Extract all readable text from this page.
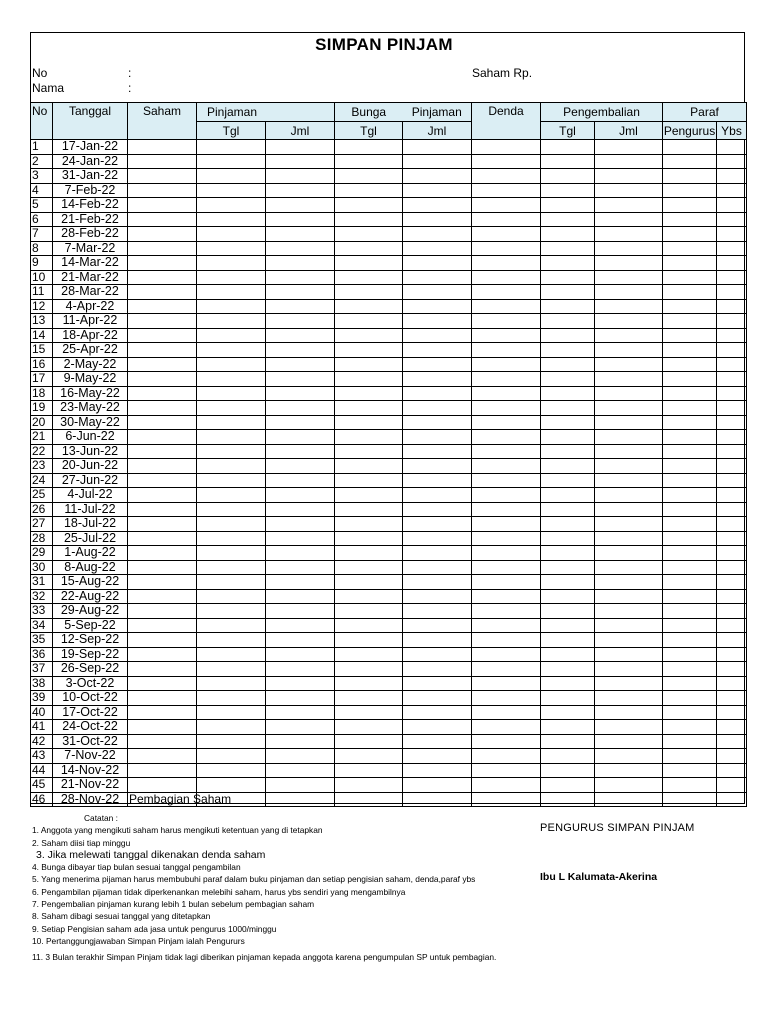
SIMPAN PINJAM
No	:
Nama	:
Saham Rp.
No	Tanggal	Saham	Pinjaman		Bunga	Pinjaman	Denda	Pengembalian		Paraf	
			Tgl	Jml	Tgl	Jml		Tgl	Jml	Pengurus	Ybs
1	17-Jan-22										
2	24-Jan-22										
3	31-Jan-22										
4	7-Feb-22										
5	14-Feb-22										
6	21-Feb-22										
7	28-Feb-22										
8	7-Mar-22										
9	14-Mar-22										
10	21-Mar-22										
11	28-Mar-22										
12	4-Apr-22										
13	11-Apr-22										
14	18-Apr-22										
15	25-Apr-22										
16	2-May-22										
17	9-May-22										
18	16-May-22										
19	23-May-22										
20	30-May-22										
21	6-Jun-22										
22	13-Jun-22										
23	20-Jun-22										
24	27-Jun-22										
25	4-Jul-22										
26	11-Jul-22										
27	18-Jul-22										
28	25-Jul-22										
29	1-Aug-22										
30	8-Aug-22										
31	15-Aug-22										
32	22-Aug-22										
33	29-Aug-22										
34	5-Sep-22										
35	12-Sep-22										
36	19-Sep-22										
37	26-Sep-22										
38	3-Oct-22										
39	10-Oct-22										
40	17-Oct-22										
41	24-Oct-22										
42	31-Oct-22										
43	7-Nov-22										
44	14-Nov-22										
45	21-Nov-22										
46	28-Nov-22	Pembagian Saham									

Catatan :
1. Anggota yang mengikuti saham harus mengikuti ketentuan yang di tetapkan
2. Saham diisi tiap minggu
3. Jika melewati tanggal dikenakan denda saham
4. Bunga dibayar tiap bulan sesuai tanggal pengambilan
5. Yang menerima pijaman harus membubuhi paraf dalam buku pinjaman dan setiap pengisian saham, denda,paraf ybs
6. Pengambilan pijaman tidak diperkenankan melebihi saham, harus ybs sendiri yang mengambilnya
7. Pengembalian pinjaman kurang lebih 1 bulan sebelum pembagian saham
8. Saham dibagi sesuai tanggal yang ditetapkan
9. Setiap Pengisian saham ada jasa untuk pengurus 1000/minggu
10. Pertanggungjawaban Simpan Pinjam ialah Pengururs
11. 3 Bulan terakhir Simpan Pinjam tidak lagi diberikan pinjaman kepada anggota karena pengumpulan SP untuk pembagian.
PENGURUS SIMPAN PINJAM
Ibu L Kalumata-Akerina
